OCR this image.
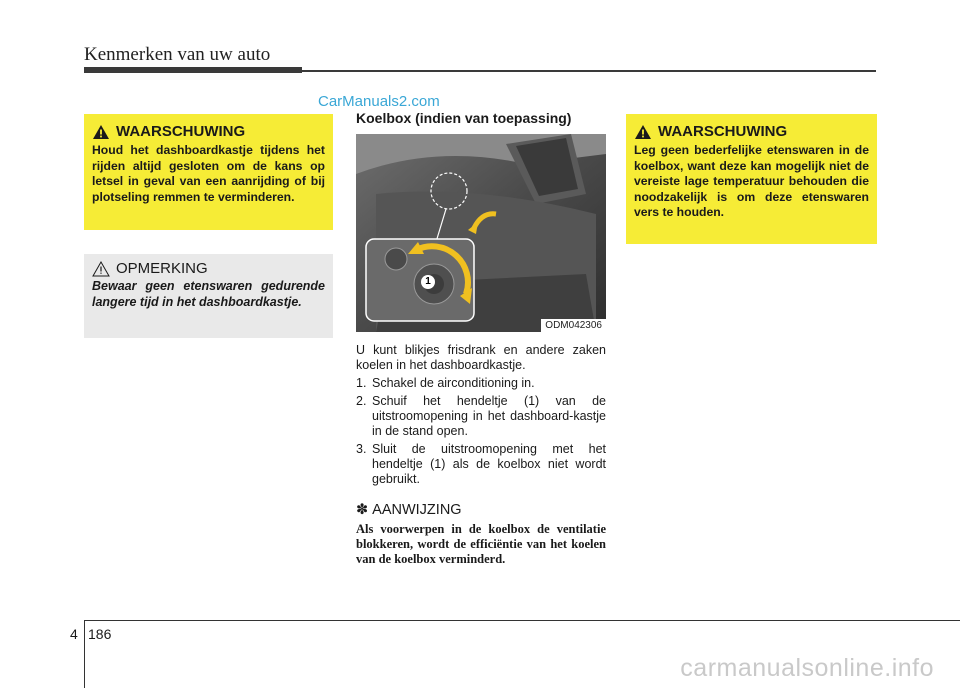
Kenmerken van uw auto
CarManuals2.com
WAARSCHUWING
Houd het dashboardkastje tijdens het rijden altijd gesloten om de kans op letsel in geval van een aanrijding of bij plotseling remmen te verminderen.
OPMERKING
Bewaar geen etenswaren gedurende langere tijd in het dashboardkastje.
Koelbox (indien van toepassing)
1
ODM042306
U kunt blikjes frisdrank en andere zaken koelen in het dashboardkastje.
1. Schakel de airconditioning in.
2. Schuif het hendeltje (1) van de uitstroomopening in het dashboard-kastje in de stand open.
3. Sluit de uitstroomopening met het hendeltje (1) als de koelbox niet wordt gebruikt.
✽ AANWIJZING
Als voorwerpen in de koelbox de ventilatie blokkeren, wordt de efficiëntie van het koelen van de koelbox verminderd.
WAARSCHUWING
Leg geen bederfelijke etenswaren in de koelbox, want deze kan mogelijk niet de vereiste lage temperatuur behouden die noodzakelijk is om deze etenswaren vers te houden.
4 186
carmanualsonline.info
